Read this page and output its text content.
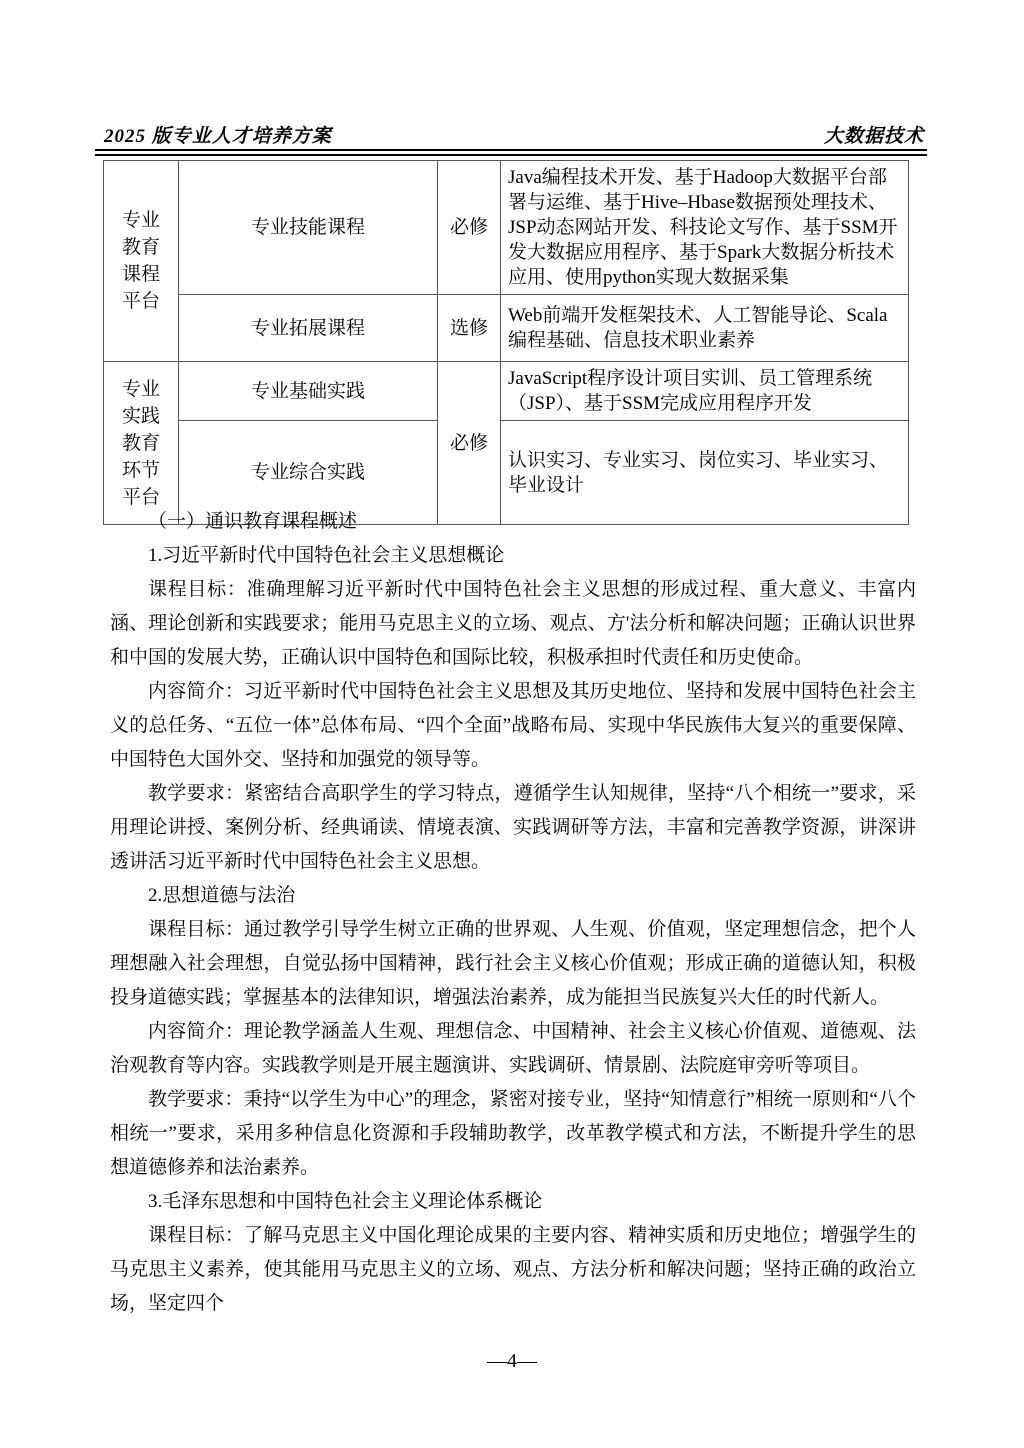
2025 版专业人才培养方案	大数据技术
专业教育课程平台	专业技能课程	必修	Java编程技术开发、基于Hadoop大数据平台部署与运维、基于Hive–Hbase数据预处理技术、JSP动态网站开发、科技论文写作、基于SSM开发大数据应用程序、基于Spark大数据分析技术应用、使用python实现大数据采集
	专业拓展课程	选修	Web前端开发框架技术、人工智能导论、Scala编程基础、信息技术职业素养
专业实践教育环节平台	专业基础实践	必修	JavaScript程序设计项目实训、员工管理系统（JSP）、基于SSM完成应用程序开发
	专业综合实践		认识实习、专业实习、岗位实习、毕业实习、毕业设计

（一）通识教育课程概述

1.习近平新时代中国特色社会主义思想概论

课程目标：准确理解习近平新时代中国特色社会主义思想的形成过程、重大意义、丰富内涵、理论创新和实践要求；能用马克思主义的立场、观点、方'法分析和解决问题；正确认识世界和中国的发展大势，正确认识中国特色和国际比较，积极承担时代责任和历史使命。

内容简介：习近平新时代中国特色社会主义思想及其历史地位、坚持和发展中国特色社会主义的总任务、“五位一体”总体布局、“四个全面”战略布局、实现中华民族伟大复兴的重要保障、中国特色大国外交、坚持和加强党的领导等。

教学要求：紧密结合高职学生的学习特点，遵循学生认知规律，坚持“八个相统一”要求，采用理论讲授、案例分析、经典诵读、情境表演、实践调研等方法，丰富和完善教学资源，讲深讲透讲活习近平新时代中国特色社会主义思想。

2.思想道德与法治

课程目标：通过教学引导学生树立正确的世界观、人生观、价值观，坚定理想信念，把个人理想融入社会理想，自觉弘扬中国精神，践行社会主义核心价值观；形成正确的道德认知，积极投身道德实践；掌握基本的法律知识，增强法治素养，成为能担当民族复兴大任的时代新人。

内容简介：理论教学涵盖人生观、理想信念、中国精神、社会主义核心价值观、道德观、法治观教育等内容。实践教学则是开展主题演讲、实践调研、情景剧、法院庭审旁听等项目。

教学要求：秉持“以学生为中心”的理念，紧密对接专业，坚持“知情意行”相统一原则和“八个相统一”要求，采用多种信息化资源和手段辅助教学，改革教学模式和方法，不断提升学生的思想道德修养和法治素养。

3.毛泽东思想和中国特色社会主义理论体系概论

课程目标：了解马克思主义中国化理论成果的主要内容、精神实质和历史地位；增强学生的马克思主义素养，使其能用马克思主义的立场、观点、方法分析和解决问题；坚持正确的政治立场，坚定四个

—4—
